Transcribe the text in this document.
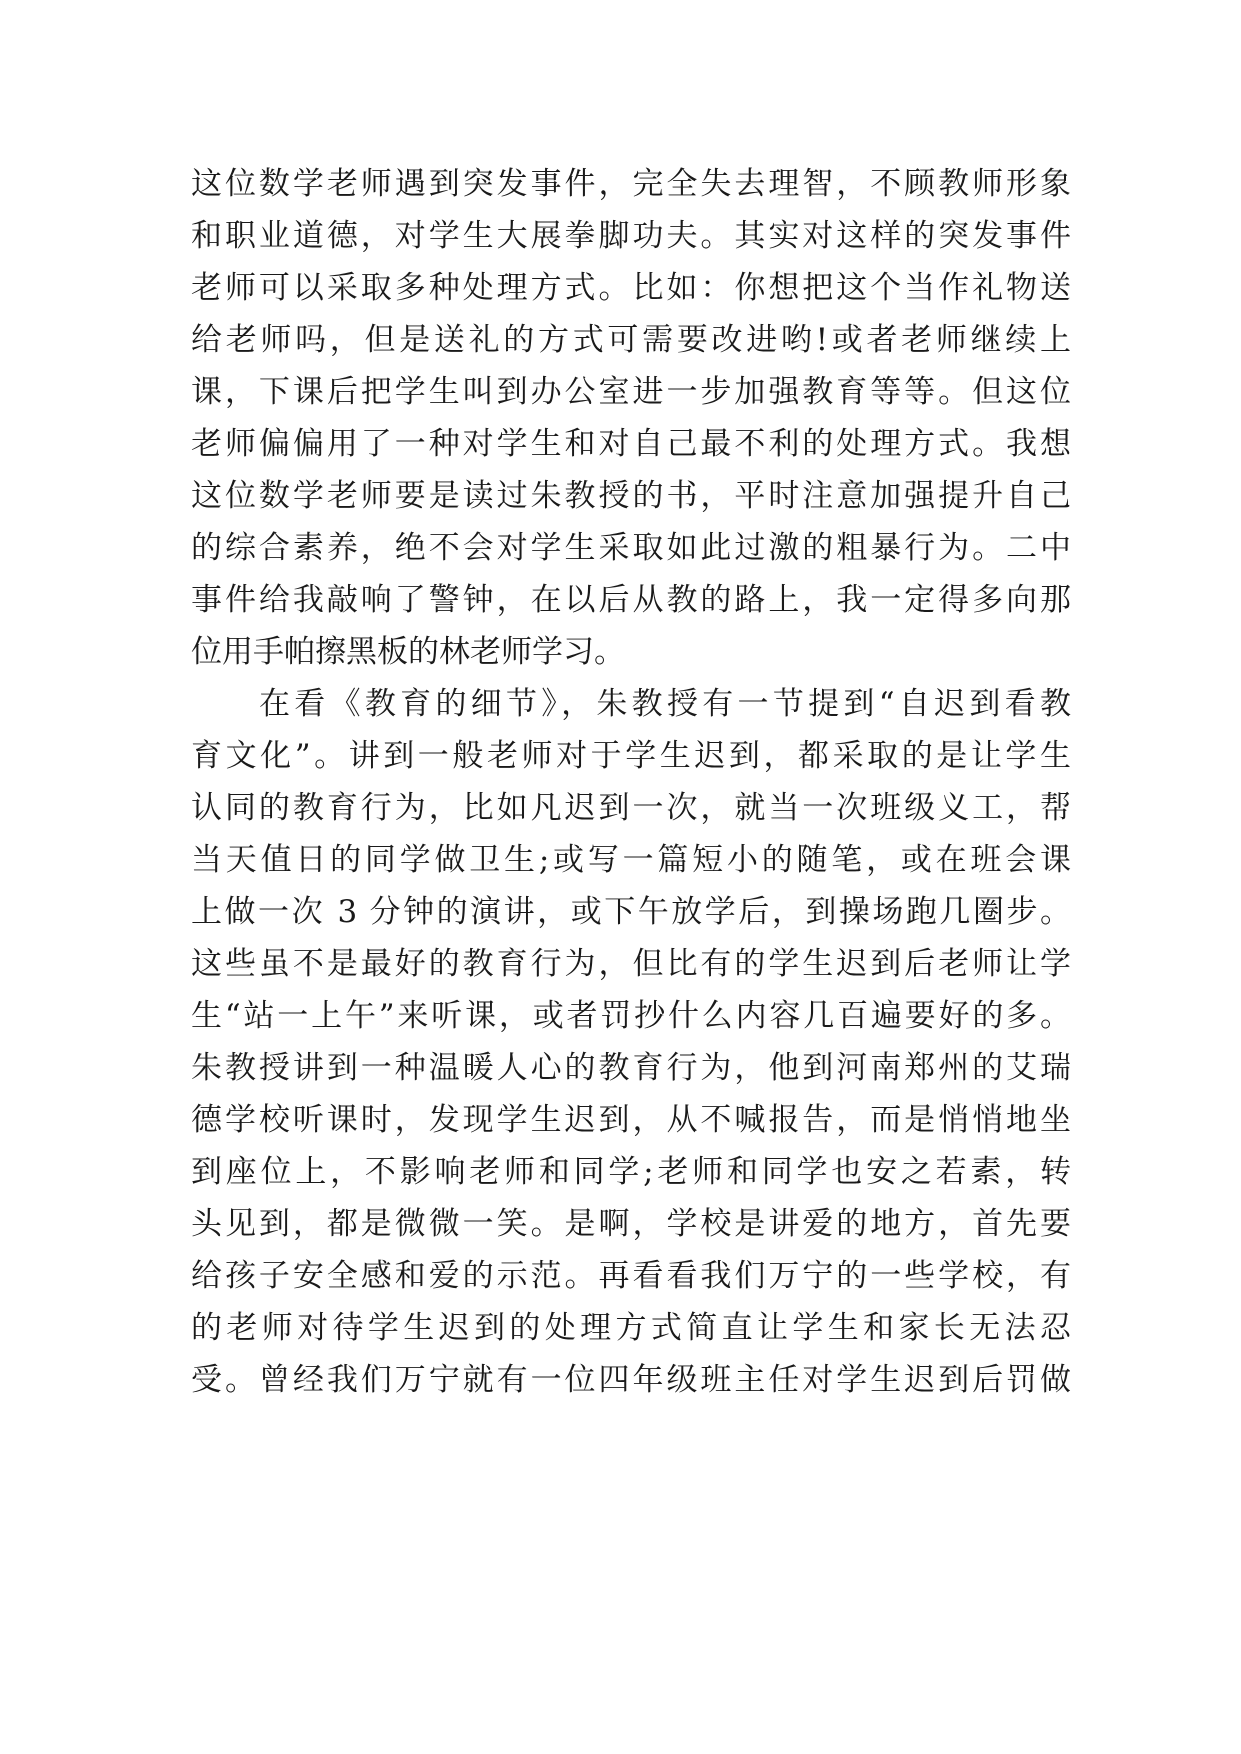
这位数学老师遇到突发事件，完全失去理智，不顾教师形象
和职业道德，对学生大展拳脚功夫。其实对这样的突发事件
老师可以采取多种处理方式。比如：你想把这个当作礼物送
给老师吗，但是送礼的方式可需要改进哟!或者老师继续上
课，下课后把学生叫到办公室进一步加强教育等等。但这位
老师偏偏用了一种对学生和对自己最不利的处理方式。我想
这位数学老师要是读过朱教授的书，平时注意加强提升自己
的综合素养，绝不会对学生采取如此过激的粗暴行为。二中
事件给我敲响了警钟，在以后从教的路上，我一定得多向那
位用手帕擦黑板的林老师学习。
在看《教育的细节》，朱教授有一节提到“自迟到看教
育文化”。讲到一般老师对于学生迟到，都采取的是让学生
认同的教育行为，比如凡迟到一次，就当一次班级义工，帮
当天值日的同学做卫生;或写一篇短小的随笔，或在班会课
上做一次 3 分钟的演讲，或下午放学后，到操场跑几圈步。
这些虽不是最好的教育行为，但比有的学生迟到后老师让学
生“站一上午”来听课，或者罚抄什么内容几百遍要好的多。
朱教授讲到一种温暖人心的教育行为，他到河南郑州的艾瑞
德学校听课时，发现学生迟到，从不喊报告，而是悄悄地坐
到座位上，不影响老师和同学;老师和同学也安之若素，转
头见到，都是微微一笑。是啊，学校是讲爱的地方，首先要
给孩子安全感和爱的示范。再看看我们万宁的一些学校，有
的老师对待学生迟到的处理方式简直让学生和家长无法忍
受。曾经我们万宁就有一位四年级班主任对学生迟到后罚做
